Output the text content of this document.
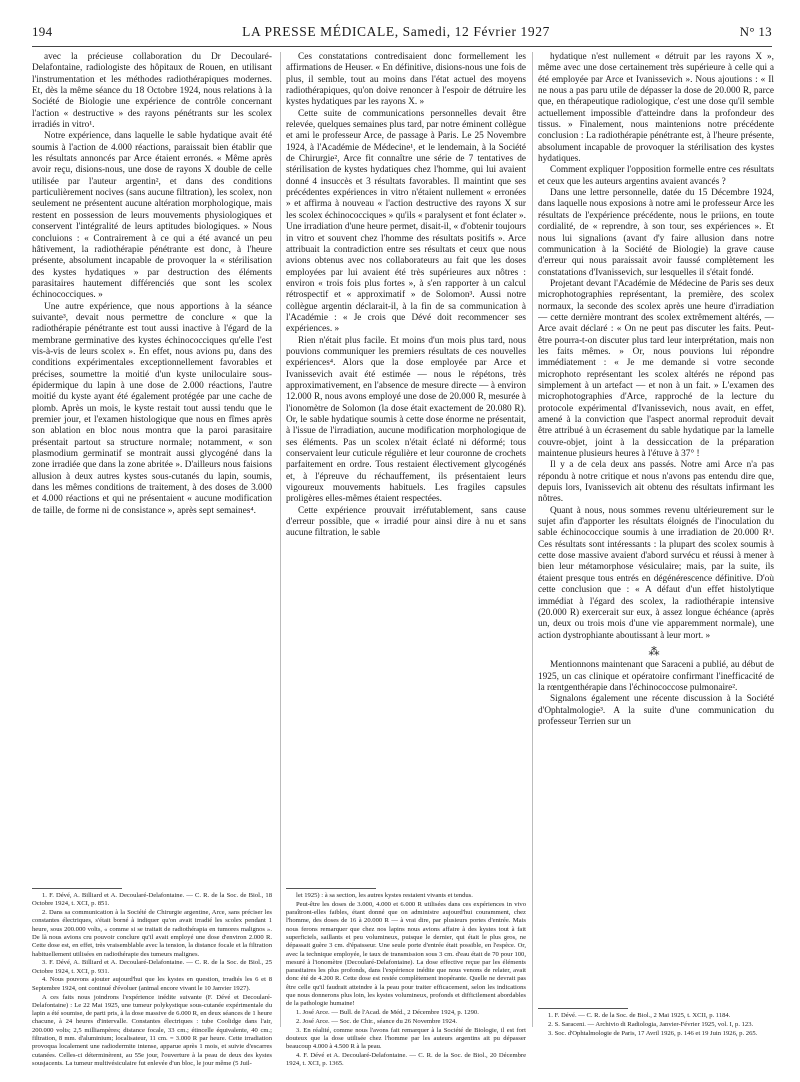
194	LA PRESSE MÉDICALE, Samedi, 12 Février 1927	N° 13

avec la précieuse collaboration du Dr Decoularé-Delafontaine, radiologiste des hôpitaux de Rouen, en utilisant l'instrumentation et les méthodes radiothérapiques modernes. Et, dès la même séance du 18 Octobre 1924, nous relations à la Société de Biologie une expérience de contrôle concernant l'action « destructive » des rayons pénétrants sur les scolex irradiés in vitro¹.

Notre expérience, dans laquelle le sable hydatique avait été soumis à l'action de 4.000 réactions, paraissait bien établir que les résultats annoncés par Arce étaient erronés. « Même après avoir reçu, disions-nous, une dose de rayons X double de celle utilisée par l'auteur argentin², et dans des conditions particulièrement nocives (sans aucune filtration), les scolex, non seulement ne présentent aucune altération morphologique, mais restent en possession de leurs mouvements physiologiques et conservent l'intégralité de leurs aptitudes biologiques. » Nous concluions : « Contrairement à ce qui a été avancé un peu hâtivement, la radiothérapie pénétrante est donc, à l'heure présente, absolument incapable de provoquer la « stérilisation des kystes hydatiques » par destruction des éléments parasitaires hautement différenciés que sont les scolex échinococciques. »

Une autre expérience, que nous apportions à la séance suivante³, devait nous permettre de conclure « que la radiothérapie pénétrante est tout aussi inactive à l'égard de la membrane germinative des kystes échinococciques qu'elle l'est vis-à-vis de leurs scolex ». En effet, nous avions pu, dans des conditions expérimentales exceptionnellement favorables et précises, soumettre la moitié d'un kyste uniloculaire sous-épidermique du lapin à une dose de 2.000 réactions, l'autre moitié du kyste ayant été également protégée par une cache de plomb. Après un mois, le kyste restait tout aussi tendu que le premier jour, et l'examen histologique que nous en fîmes après son ablation en bloc nous montra que la paroi parasitaire présentait partout sa structure normale; notamment, « son plasmodium germinatif se montrait aussi glycogéné dans la zone irradiée que dans la zone abritée ». D'ailleurs nous faisions allusion à deux autres kystes sous-cutanés du lapin, soumis, dans les mêmes conditions de traitement, à des doses de 3.000 et 4.000 réactions et qui ne présentaient « aucune modification de taille, de forme ni de consistance », après sept semaines⁴.

1. F. Dévé, A. Billiard et A. Decoularé-Delafontaine. — C. R. de la Soc. de Biol., 18 Octobre 1924, t. XCI, p. 851.

2. Dans sa communication à la Société de Chirurgie argentine, Arce, sans préciser les constantes électriques, s'était borné à indiquer qu'on avait irradié les scolex pendant 1 heure, sous 200.000 volts, « comme si se traitait de radiothérapia en tumores malignos ». De là nous avions cru pouvoir conclure qu'il avait employé une dose d'environ 2.000 R. Cette dose est, en effet, très vraisemblable avec la tension, la distance focale et la filtration habituellement utilisées en radiothérapie des tumeurs malignes.

3. F. Dévé, A. Billiard et A. Decoularé-Delafontaine. — C. R. de la Soc. de Biol., 25 Octobre 1924, t. XCI, p. 931.

4. Nous pouvons ajouter aujourd'hui que les kystes en question, irradiés les 6 et 8 Septembre 1924, ont continué d'évoluer (animal encore vivant le 10 Janvier 1927).

A ces faits nous joindrons l'expérience inédite suivante (F. Dévé et Decoularé-Delafontaine) : Le 22 Mai 1925, une tumeur polykystique sous-cutanée expérimentale du lapin a été soumise, de parti pris, à la dose massive de 6.000 R, en deux séances de 1 heure chacune, à 24 heures d'intervalle. Constantes électriques : tube Coolidge dans l'air, 200.000 volts; 2,5 milliampères; distance focale, 33 cm.; étincelle équivalente, 40 cm.; filtration, 8 mm. d'aluminium; localisateur, 11 cm. = 3.000 R par heure. Cette irradiation provoqua localement une radiodermite intense, apparue après 1 mois, et suivie d'escarres cutanées. Celles-ci déterminèrent, au 55e jour, l'ouverture à la peau de deux des kystes sousjacents. La tumeur multivésiculaire fut enlevée d'un bloc, le jour même (5 Juil-

Ces constatations contredisaient donc formellement les affirmations de Heuser. « En définitive, disions-nous une fois de plus, il semble, tout au moins dans l'état actuel des moyens radiothérapiques, qu'on doive renoncer à l'espoir de détruire les kystes hydatiques par les rayons X. »

Cette suite de communications personnelles devait être relevée, quelques semaines plus tard, par notre éminent collègue et ami le professeur Arce, de passage à Paris. Le 25 Novembre 1924, à l'Académie de Médecine¹, et le lendemain, à la Société de Chirurgie², Arce fit connaître une série de 7 tentatives de stérilisation de kystes hydatiques chez l'homme, qui lui avaient donné 4 insuccès et 3 résultats favorables. Il maintint que ses précédentes expériences in vitro n'étaient nullement « erronées » et affirma à nouveau « l'action destructive des rayons X sur les scolex échinococciques » qu'ils « paralysent et font éclater ». Une irradiation d'une heure permet, disait-il, « d'obtenir toujours in vitro et souvent chez l'homme des résultats positifs ». Arce attribuait la contradiction entre ses résultats et ceux que nous avions obtenus avec nos collaborateurs au fait que les doses employées par lui avaient été très supérieures aux nôtres : environ « trois fois plus fortes », à s'en rapporter à un calcul rétrospectif et « approximatif » de Solomon³. Aussi notre collègue argentin déclarait-il, à la fin de sa communication à l'Académie : « Je crois que Dévé doit recommencer ses expériences. »

Rien n'était plus facile. Et moins d'un mois plus tard, nous pouvions communiquer les premiers résultats de ces nouvelles expériences⁴. Alors que la dose employée par Arce et Ivanissevich avait été estimée — nous le répétons, très approximativement, en l'absence de mesure directe — à environ 12.000 R, nous avons employé une dose de 20.000 R, mesurée à l'ionomètre de Solomon (la dose était exactement de 20.080 R). Or, le sable hydatique soumis à cette dose énorme ne présentait, à l'issue de l'irradiation, aucune modification morphologique de ses éléments. Pas un scolex n'était éclaté ni déformé; tous conservaient leur cuticule régulière et leur couronne de crochets parfaitement en ordre. Tous restaient électivement glycogénés et, à l'épreuve du réchauffement, ils présentaient leurs vigoureux mouvements habituels. Les fragiles capsules proligères elles-mêmes étaient respectées.

Cette expérience prouvait irréfutablement, sans cause d'erreur possible, que « irradié pour ainsi dire à nu et sans aucune filtration, le sable

let 1925) : à sa section, les autres kystes restaient vivants et tendus.

Peut-être les doses de 3.000, 4.000 et 6.000 R utilisées dans ces expériences in vivo paraîtront-elles faibles, étant donné que on administre aujourd'hui couramment, chez l'homme, des doses de 16 à 20.000 R — à vrai dire, par plusieurs portes d'entrée. Mais nous ferons remarquer que chez nos lapins nous avions affaire à des kystes tout à fait superficiels, saillants et peu volumineux, puisque le dernier, qui était le plus gros, ne dépassait guère 3 cm. d'épaisseur. Une seule porte d'entrée était possible, en l'espèce. Or, avec la technique employée, le taux de transmission sous 3 cm. d'eau était de 70 pour 100, mesuré à l'ionomètre (Decoularé-Delafontaine). La dose effective reçue par les éléments parasitaires les plus profonds, dans l'expérience inédite que nous venons de relater, avait donc été de 4.200 R. Cette dose est restée complètement inopérante. Quelle ne devrait pas être celle qu'il faudrait atteindre à la peau pour traiter efficacement, selon les indications que nous donnerons plus loin, les kystes volumineux, profonds et difficilement abordables de la pathologie humaine!

1. José Arce. — Bull. de l'Acad. de Méd., 2 Décembre 1924, p. 1290.

2. José Arce. — Soc. de Chir., séance du 26 Novembre 1924.

3. En réalité, comme nous l'avons fait remarquer à la Société de Biologie, il est fort douteux que la dose utilisée chez l'homme par les auteurs argentins ait pu dépasser beaucoup 4.000 à 4.500 R à la peau.

4. F. Dévé et A. Decoularé-Delafontaine. — C. R. de la Soc. de Biol., 20 Décembre 1924, t. XCI, p. 1365.

hydatique n'est nullement « détruit par les rayons X », même avec une dose certainement très supérieure à celle qui a été employée par Arce et Ivanissevich ». Nous ajoutions : « Il ne nous a pas paru utile de dépasser la dose de 20.000 R, parce que, en thérapeutique radiologique, c'est une dose qu'il semble actuellement impossible d'atteindre dans la profondeur des tissus. » Finalement, nous maintenions notre précédente conclusion : La radiothérapie pénétrante est, à l'heure présente, absolument incapable de provoquer la stérilisation des kystes hydatiques.

Comment expliquer l'opposition formelle entre ces résultats et ceux que les auteurs argentins avaient avancés ?

Dans une lettre personnelle, datée du 15 Décembre 1924, dans laquelle nous exposions à notre ami le professeur Arce les résultats de l'expérience précédente, nous le priions, en toute cordialité, de « reprendre, à son tour, ses expériences ». Et nous lui signalions (avant d'y faire allusion dans notre communication à la Société de Biologie) la grave cause d'erreur qui nous paraissait avoir faussé complètement les constatations d'Ivanissevich, sur lesquelles il s'était fondé.

Projetant devant l'Académie de Médecine de Paris ses deux microphotographies représentant, la première, des scolex normaux, la seconde des scolex après une heure d'irradiation — cette dernière montrant des scolex extrêmement altérés, — Arce avait déclaré : « On ne peut pas discuter les faits. Peut-être pourra-t-on discuter plus tard leur interprétation, mais non les faits mêmes. » Or, nous pouvions lui répondre immédiatement : « Je me demande si votre seconde microphoto représentant les scolex altérés ne répond pas simplement à un artefact — et non à un fait. » L'examen des microphotographies d'Arce, rapproché de la lecture du protocole expérimental d'Ivanissevich, nous avait, en effet, amené à la conviction que l'aspect anormal reproduit devait être attribué à un écrasement du sable hydatique par la lamelle couvre-objet, joint à la dessiccation de la préparation maintenue plusieurs heures à l'étuve à 37° !

Il y a de cela deux ans passés. Notre ami Arce n'a pas répondu à notre critique et nous n'avons pas entendu dire que, depuis lors, Ivanissevich ait obtenu des résultats infirmant les nôtres.

Quant à nous, nous sommes revenu ultérieurement sur le sujet afin d'apporter les résultats éloignés de l'inoculation du sable échinococcique soumis à une irradiation de 20.000 R¹. Ces résultats sont intéressants : la plupart des scolex soumis à cette dose massive avaient d'abord survécu et réussi à mener à bien leur métamorphose vésiculaire; mais, par la suite, ils étaient presque tous entrés en dégénérescence définitive. D'où cette conclusion que : « A défaut d'un effet histolytique immédiat à l'égard des scolex, la radiothérapie intensive (20.000 R) exercerait sur eux, à assez longue échéance (après un, deux ou trois mois d'une vie apparemment normale), une action dystrophiante aboutissant à leur mort. »

⁂

Mentionnons maintenant que Saraceni a publié, au début de 1925, un cas clinique et opératoire confirmant l'inefficacité de la rœntgenthérapie dans l'échinococcose pulmonaire².

Signalons également une récente discussion à la Société d'Ophtalmologie³. A la suite d'une communication du professeur Terrien sur un

1. F. Dévé. — C. R. de la Soc. de Biol., 2 Mai 1925, t. XCII, p. 1184.

2. S. Saraceni. — Archivio di Radiologia, Janvier-Février 1925, vol. I, p. 123.

3. Soc. d'Ophtalmologie de Paris, 17 Avril 1926, p. 146 et 19 Juin 1926, p. 265.
